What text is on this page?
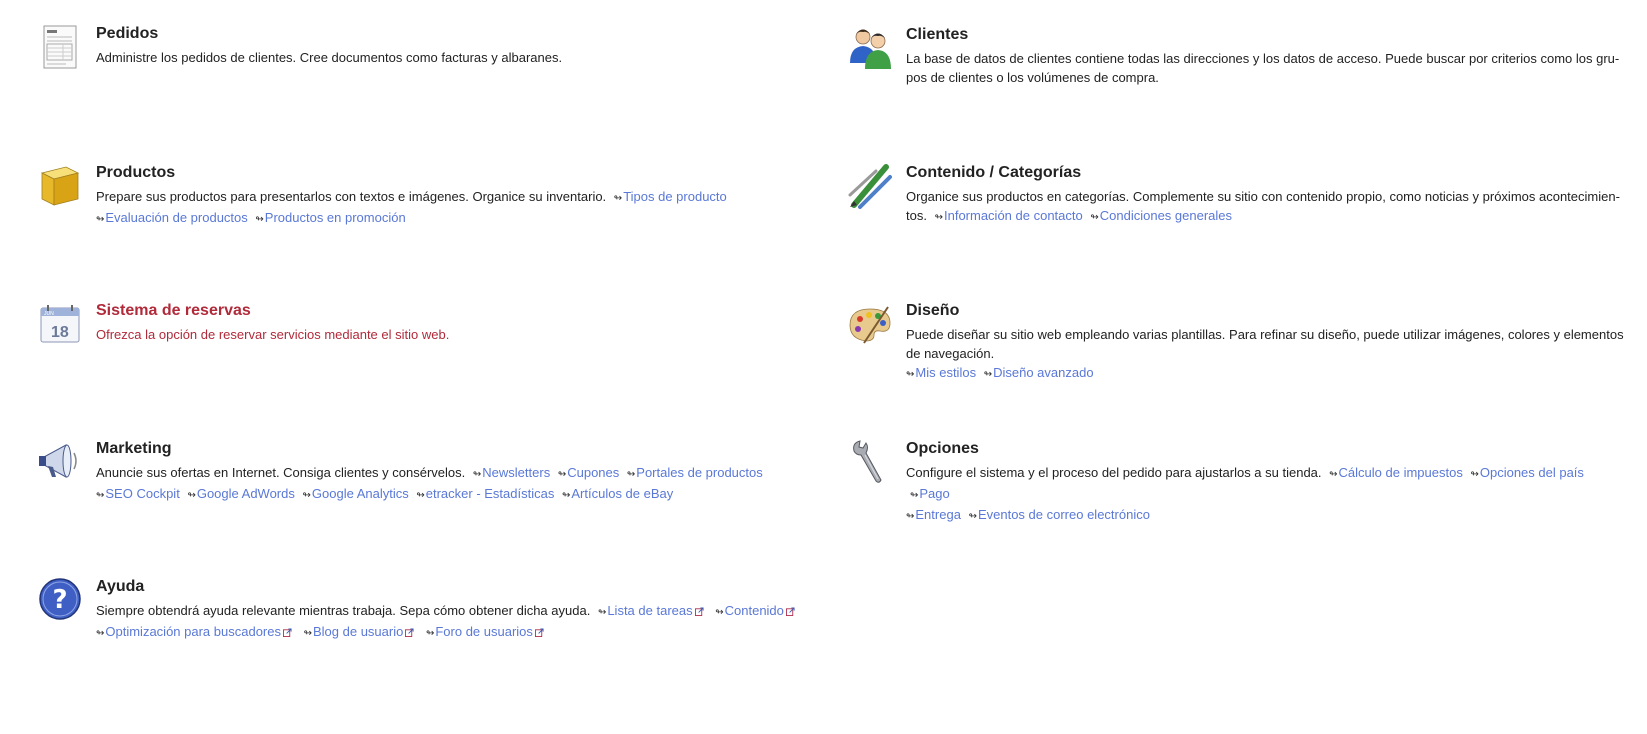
Pedidos
Administre los pedidos de clientes. Cree documentos como facturas y albaranes.
Clientes
La base de datos de clientes contiene todas las direcciones y los datos de acceso. Puede buscar por criterios como los gru-
pos de clientes o los volúmenes de compra.
Productos
Prepare sus productos para presentarlos con textos e imágenes. Organice su inventario. ↬Tipos de producto
↬Evaluación de productos ↬Productos en promoción
Contenido / Categorías
Organice sus productos en categorías. Complemente su sitio con contenido propio, como noticias y próximos acontecimien-
tos. ↬Información de contacto ↬Condiciones generales
JUN
18
Sistema de reservas
Ofrezca la opción de reservar servicios mediante el sitio web.
Diseño
Puede diseñar su sitio web empleando varias plantillas. Para refinar su diseño, puede utilizar imágenes, colores y elementos
de navegación.
↬Mis estilos ↬Diseño avanzado
Marketing
Anuncie sus ofertas en Internet. Consiga clientes y consérvelos. ↬Newsletters ↬Cupones ↬Portales de productos
↬SEO Cockpit ↬Google AdWords ↬Google Analytics ↬etracker - Estadísticas ↬Artículos de eBay
Opciones
Configure el sistema y el proceso del pedido para ajustarlos a su tienda. ↬Cálculo de impuestos ↬Opciones del país ↬Pago
↬Entrega ↬Eventos de correo electrónico
? Ayuda
Siempre obtendrá ayuda relevante mientras trabaja. Sepa cómo obtener dicha ayuda. ↬Lista de tareas ↬Contenido
↬Optimización para buscadores ↬Blog de usuario ↬Foro de usuarios
